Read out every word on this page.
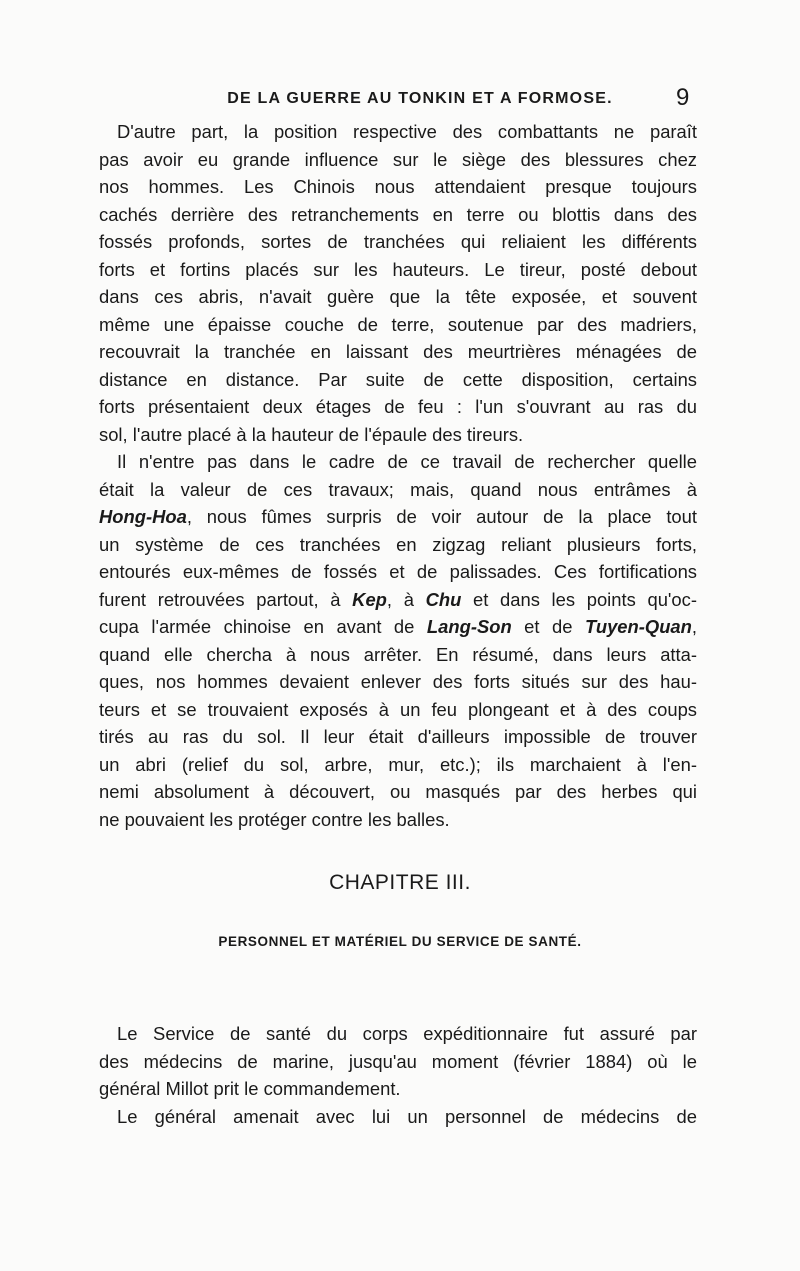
DE LA GUERRE AU TONKIN ET A FORMOSE.	9
D'autre part, la position respective des combattants ne paraît
pas avoir eu grande influence sur le siège des blessures chez
nos hommes. Les Chinois nous attendaient presque toujours
cachés derrière des retranchements en terre ou blottis dans des
fossés profonds, sortes de tranchées qui reliaient les différents
forts et fortins placés sur les hauteurs. Le tireur, posté debout
dans ces abris, n'avait guère que la tête exposée, et souvent
même une épaisse couche de terre, soutenue par des madriers,
recouvrait la tranchée en laissant des meurtrières ménagées de
distance en distance. Par suite de cette disposition, certains
forts présentaient deux étages de feu : l'un s'ouvrant au ras du
sol, l'autre placé à la hauteur de l'épaule des tireurs.
Il n'entre pas dans le cadre de ce travail de rechercher quelle
était la valeur de ces travaux; mais, quand nous entrâmes à
Hong-Hoa, nous fûmes surpris de voir autour de la place tout
un système de ces tranchées en zigzag reliant plusieurs forts,
entourés eux-mêmes de fossés et de palissades. Ces fortifications
furent retrouvées partout, à Kep, à Chu et dans les points qu'oc-
cupa l'armée chinoise en avant de Lang-Son et de Tuyen-Quan,
quand elle chercha à nous arrêter. En résumé, dans leurs atta-
ques, nos hommes devaient enlever des forts situés sur des hau-
teurs et se trouvaient exposés à un feu plongeant et à des coups
tirés au ras du sol. Il leur était d'ailleurs impossible de trouver
un abri (relief du sol, arbre, mur, etc.); ils marchaient à l'en-
nemi absolument à découvert, ou masqués par des herbes qui
ne pouvaient les protéger contre les balles.
CHAPITRE III.
PERSONNEL ET MATÉRIEL DU SERVICE DE SANTÉ.
Le Service de santé du corps expéditionnaire fut assuré par
des médecins de marine, jusqu'au moment (février 1884) où le
général Millot prit le commandement.
Le général amenait avec lui un personnel de médecins de
